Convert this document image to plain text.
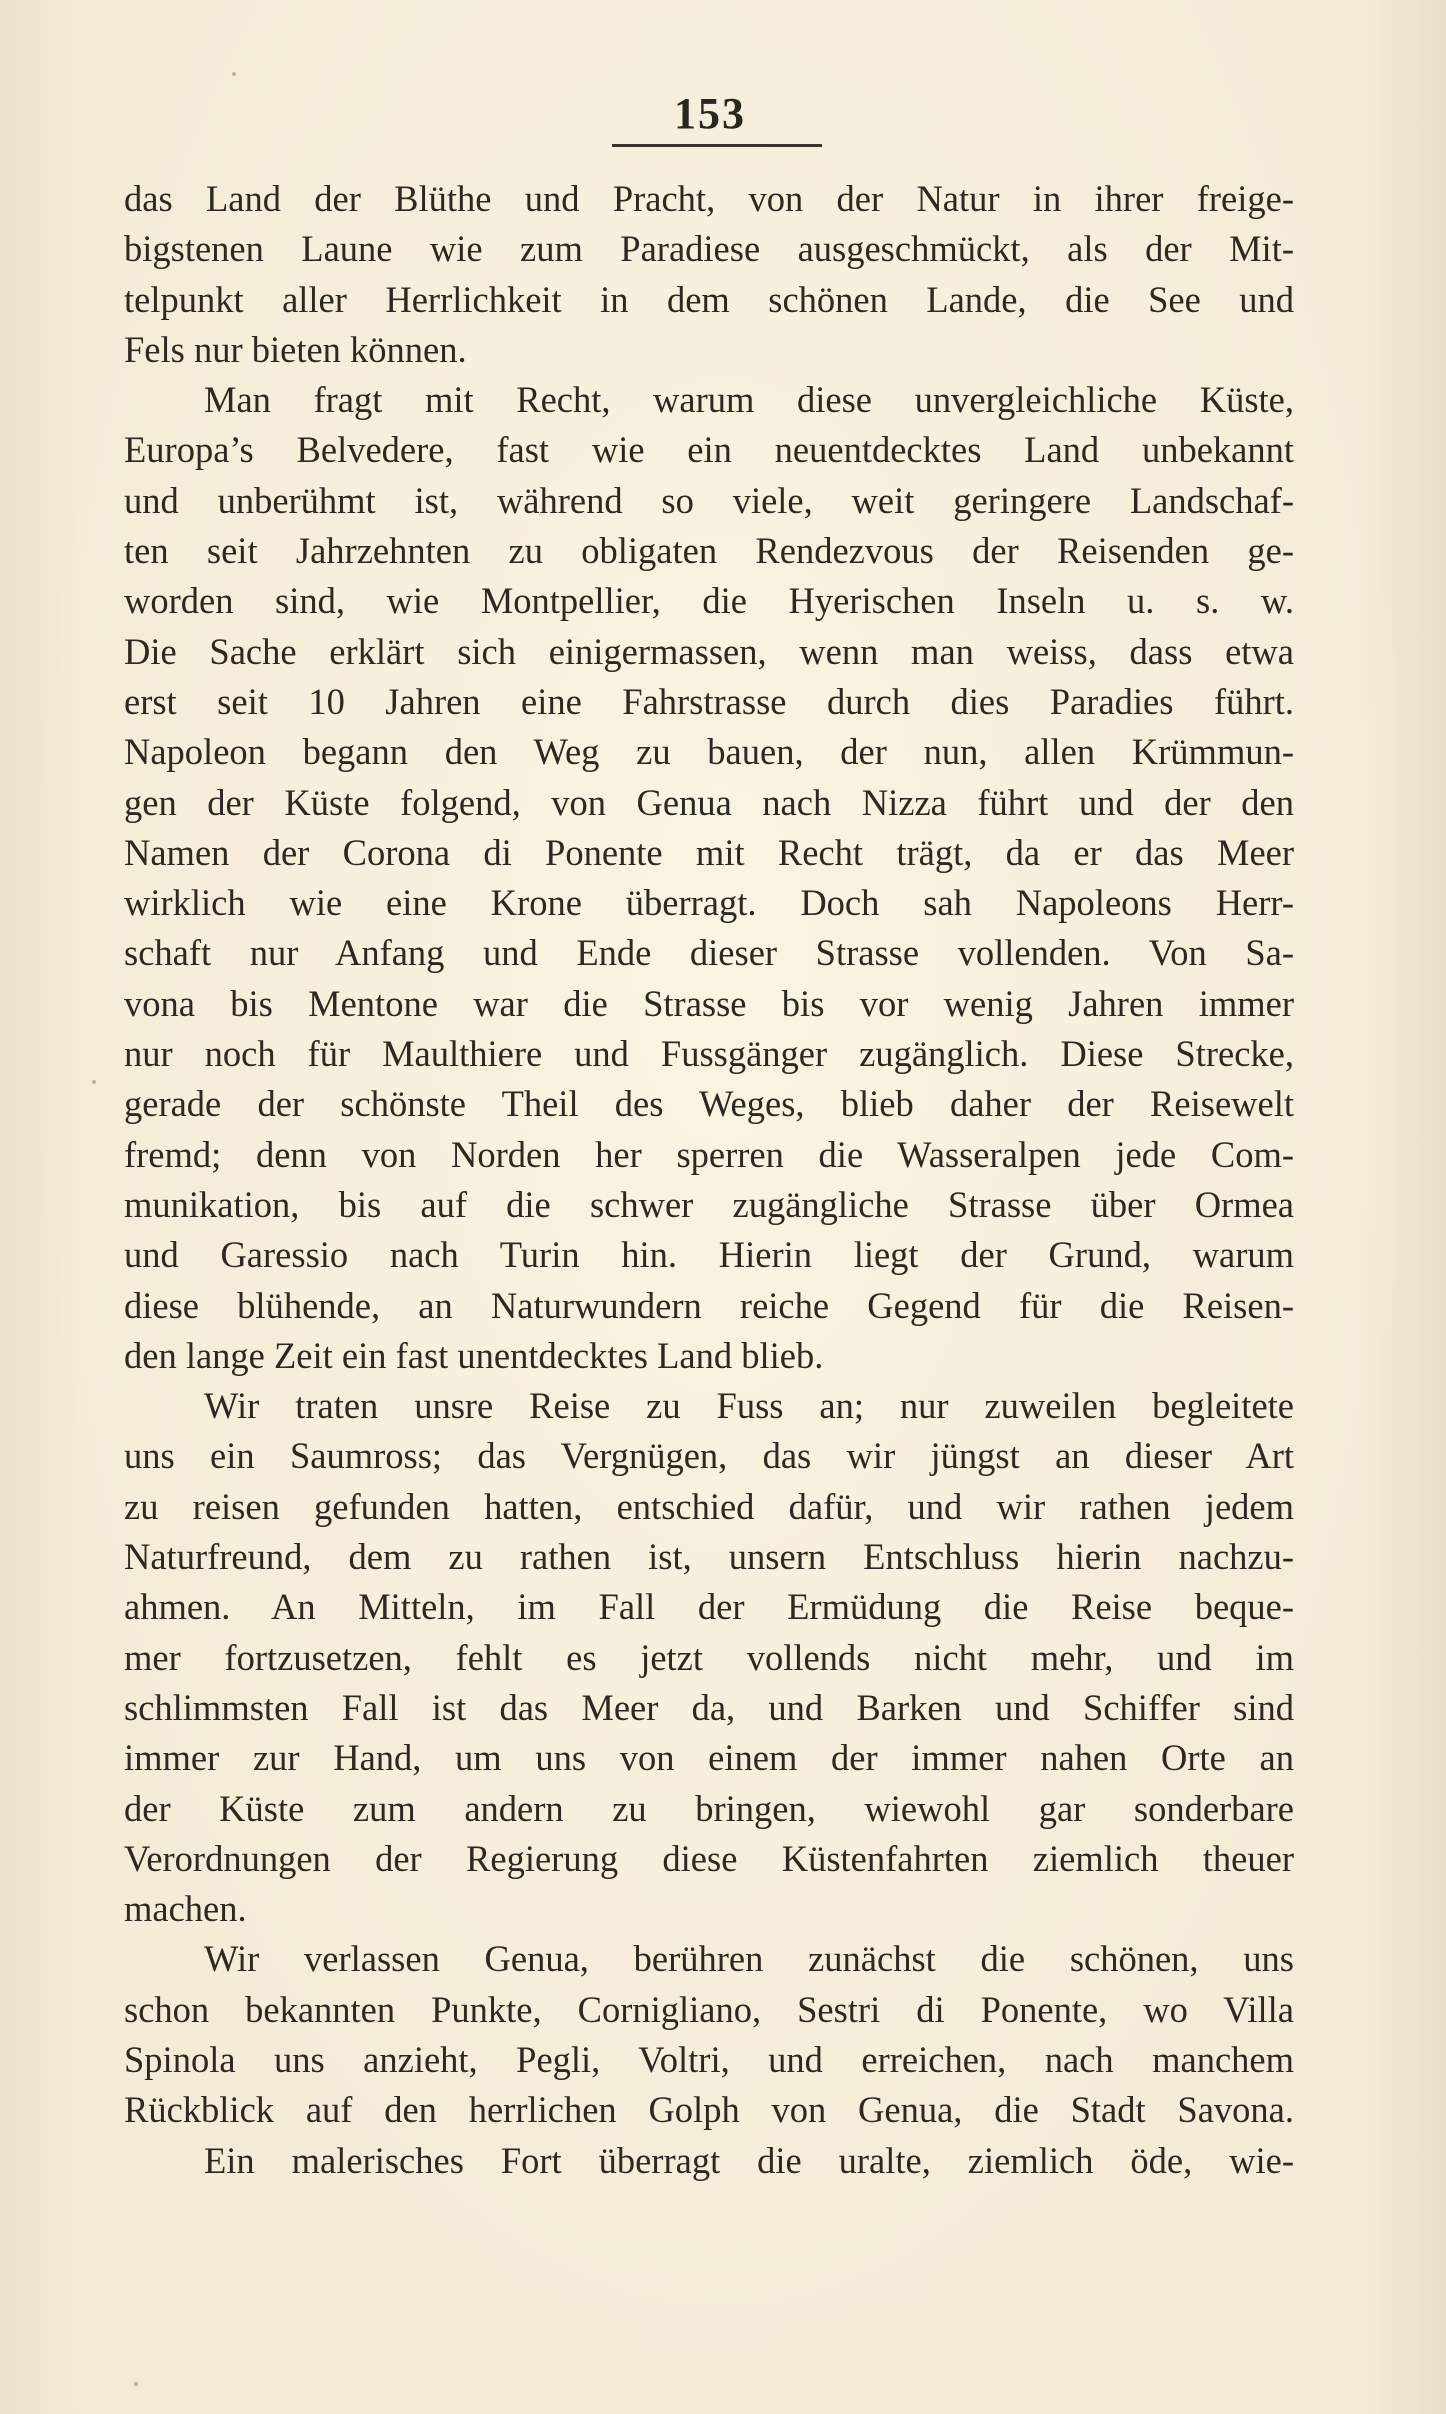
153
das Land der Blüthe und Pracht, von der Natur in ihrer freige-
bigstenen Laune wie zum Paradiese ausgeschmückt, als der Mit-
telpunkt aller Herrlichkeit in dem schönen Lande, die See und
Fels nur bieten können.
Man fragt mit Recht, warum diese unvergleichliche Küste,
Europa’s Belvedere, fast wie ein neuentdecktes Land unbekannt
und unberühmt ist, während so viele, weit geringere Landschaf-
ten seit Jahrzehnten zu obligaten Rendezvous der Reisenden ge-
worden sind, wie Montpellier, die Hyerischen Inseln u. s. w.
Die Sache erklärt sich einigermassen, wenn man weiss, dass etwa
erst seit 10 Jahren eine Fahrstrasse durch dies Paradies führt.
Napoleon begann den Weg zu bauen, der nun, allen Krümmun-
gen der Küste folgend, von Genua nach Nizza führt und der den
Namen der Corona di Ponente mit Recht trägt, da er das Meer
wirklich wie eine Krone überragt. Doch sah Napoleons Herr-
schaft nur Anfang und Ende dieser Strasse vollenden. Von Sa-
vona bis Mentone war die Strasse bis vor wenig Jahren immer
nur noch für Maulthiere und Fussgänger zugänglich. Diese Strecke,
gerade der schönste Theil des Weges, blieb daher der Reisewelt
fremd; denn von Norden her sperren die Wasseralpen jede Com-
munikation, bis auf die schwer zugängliche Strasse über Ormea
und Garessio nach Turin hin. Hierin liegt der Grund, warum
diese blühende, an Naturwundern reiche Gegend für die Reisen-
den lange Zeit ein fast unentdecktes Land blieb.
Wir traten unsre Reise zu Fuss an; nur zuweilen begleitete
uns ein Saumross; das Vergnügen, das wir jüngst an dieser Art
zu reisen gefunden hatten, entschied dafür, und wir rathen jedem
Naturfreund, dem zu rathen ist, unsern Entschluss hierin nachzu-
ahmen. An Mitteln, im Fall der Ermüdung die Reise beque-
mer fortzusetzen, fehlt es jetzt vollends nicht mehr, und im
schlimmsten Fall ist das Meer da, und Barken und Schiffer sind
immer zur Hand, um uns von einem der immer nahen Orte an
der Küste zum andern zu bringen, wiewohl gar sonderbare
Verordnungen der Regierung diese Küstenfahrten ziemlich theuer
machen.
Wir verlassen Genua, berühren zunächst die schönen, uns
schon bekannten Punkte, Cornigliano, Sestri di Ponente, wo Villa
Spinola uns anzieht, Pegli, Voltri, und erreichen, nach manchem
Rückblick auf den herrlichen Golph von Genua, die Stadt Savona.
Ein malerisches Fort überragt die uralte, ziemlich öde, wie-
